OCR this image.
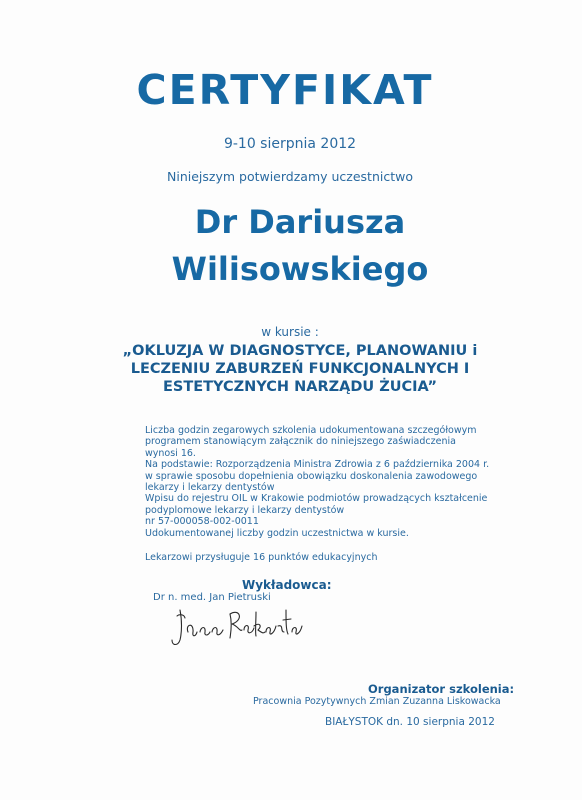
CERTYFIKAT
9-10 sierpnia 2012
Niniejszym potwierdzamy uczestnictwo
Dr Dariusza
Wilisowskiego
w kursie :
„OKLUZJA W DIAGNOSTYCE, PLANOWANIU i
LECZENIU ZABURZEŃ FUNKCJONALNYCH I
ESTETYCZNYCH NARZĄDU ŻUCIA”
Liczba godzin zegarowych szkolenia udokumentowana szczegółowym
programem stanowiącym załącznik do niniejszego zaświadczenia
wynosi 16.
Na podstawie: Rozporządzenia Ministra Zdrowia z 6 października 2004 r.
w sprawie sposobu dopełnienia obowiązku doskonalenia zawodowego
lekarzy i lekarzy dentystów
Wpisu do rejestru OIL w Krakowie podmiotów prowadzących kształcenie
podyplomowe lekarzy i lekarzy dentystów
nr 57-000058-002-0011
Udokumentowanej liczby godzin uczestnictwa w kursie.
Lekarzowi przysługuje 16 punktów edukacyjnych
Wykładowca:
Dr n. med. Jan Pietruski
Organizator szkolenia:
Pracownia Pozytywnych Zmian Zuzanna Liskowacka
BIAŁYSTOK dn. 10 sierpnia 2012
